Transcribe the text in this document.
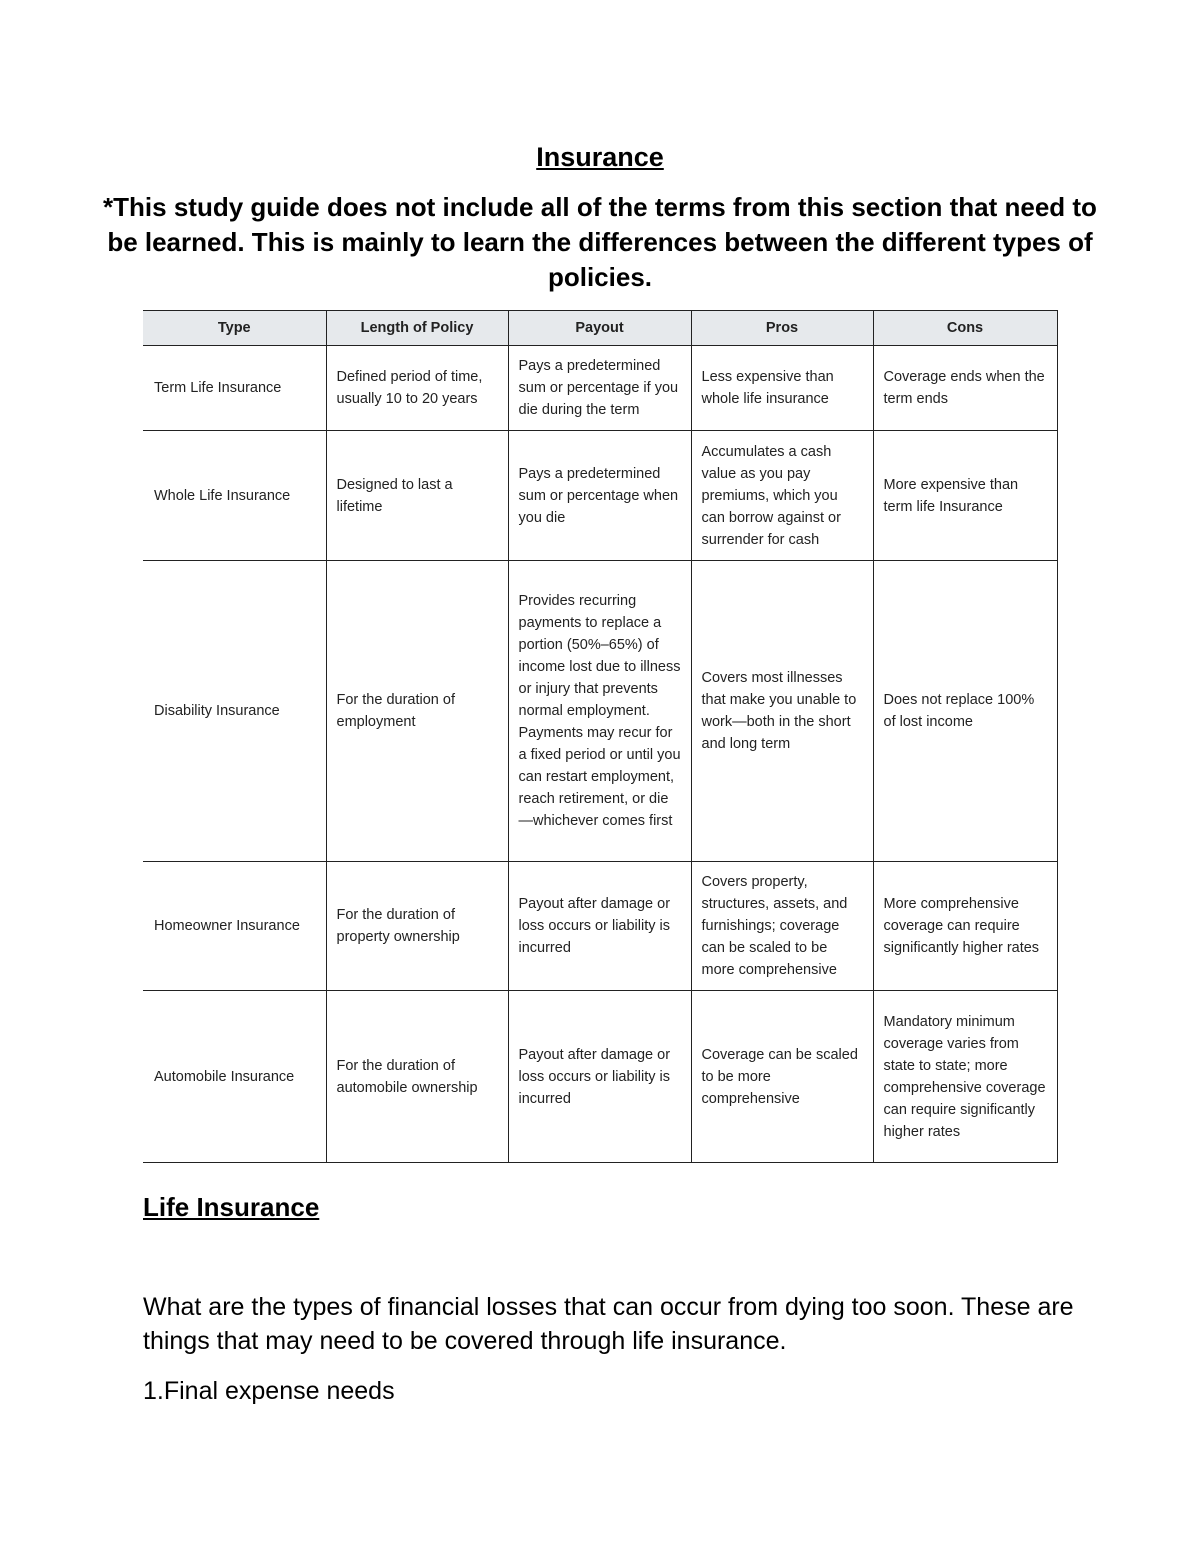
Insurance
*This study guide does not include all of the terms from this section that need to be learned. This is mainly to learn the differences between the different types of policies.
Type	Length of Policy	Payout	Pros	Cons
Term Life Insurance	Defined period of time, usually 10 to 20 years	Pays a predetermined sum or percentage if you die during the term	Less expensive than whole life insurance	Coverage ends when the term ends
Whole Life Insurance	Designed to last a lifetime	Pays a predetermined sum or percentage when you die	Accumulates a cash value as you pay premiums, which you can borrow against or surrender for cash	More expensive than term life Insurance
Disability Insurance	For the duration of employment	Provides recurring payments to replace a portion (50%–65%) of income lost due to illness or injury that prevents normal employment. Payments may recur for a fixed period or until you can restart employment, reach retirement, or die—whichever comes first	Covers most illnesses that make you unable to work—both in the short and long term	Does not replace 100% of lost income
Homeowner Insurance	For the duration of property ownership	Payout after damage or loss occurs or liability is incurred	Covers property, structures, assets, and furnishings; coverage can be scaled to be more comprehensive	More comprehensive coverage can require significantly higher rates
Automobile Insurance	For the duration of automobile ownership	Payout after damage or loss occurs or liability is incurred	Coverage can be scaled to be more comprehensive	Mandatory minimum coverage varies from state to state; more comprehensive coverage can require significantly higher rates
Life Insurance
What are the types of financial losses that can occur from dying too soon. These are things that may need to be covered through life insurance.
1.Final expense needs
